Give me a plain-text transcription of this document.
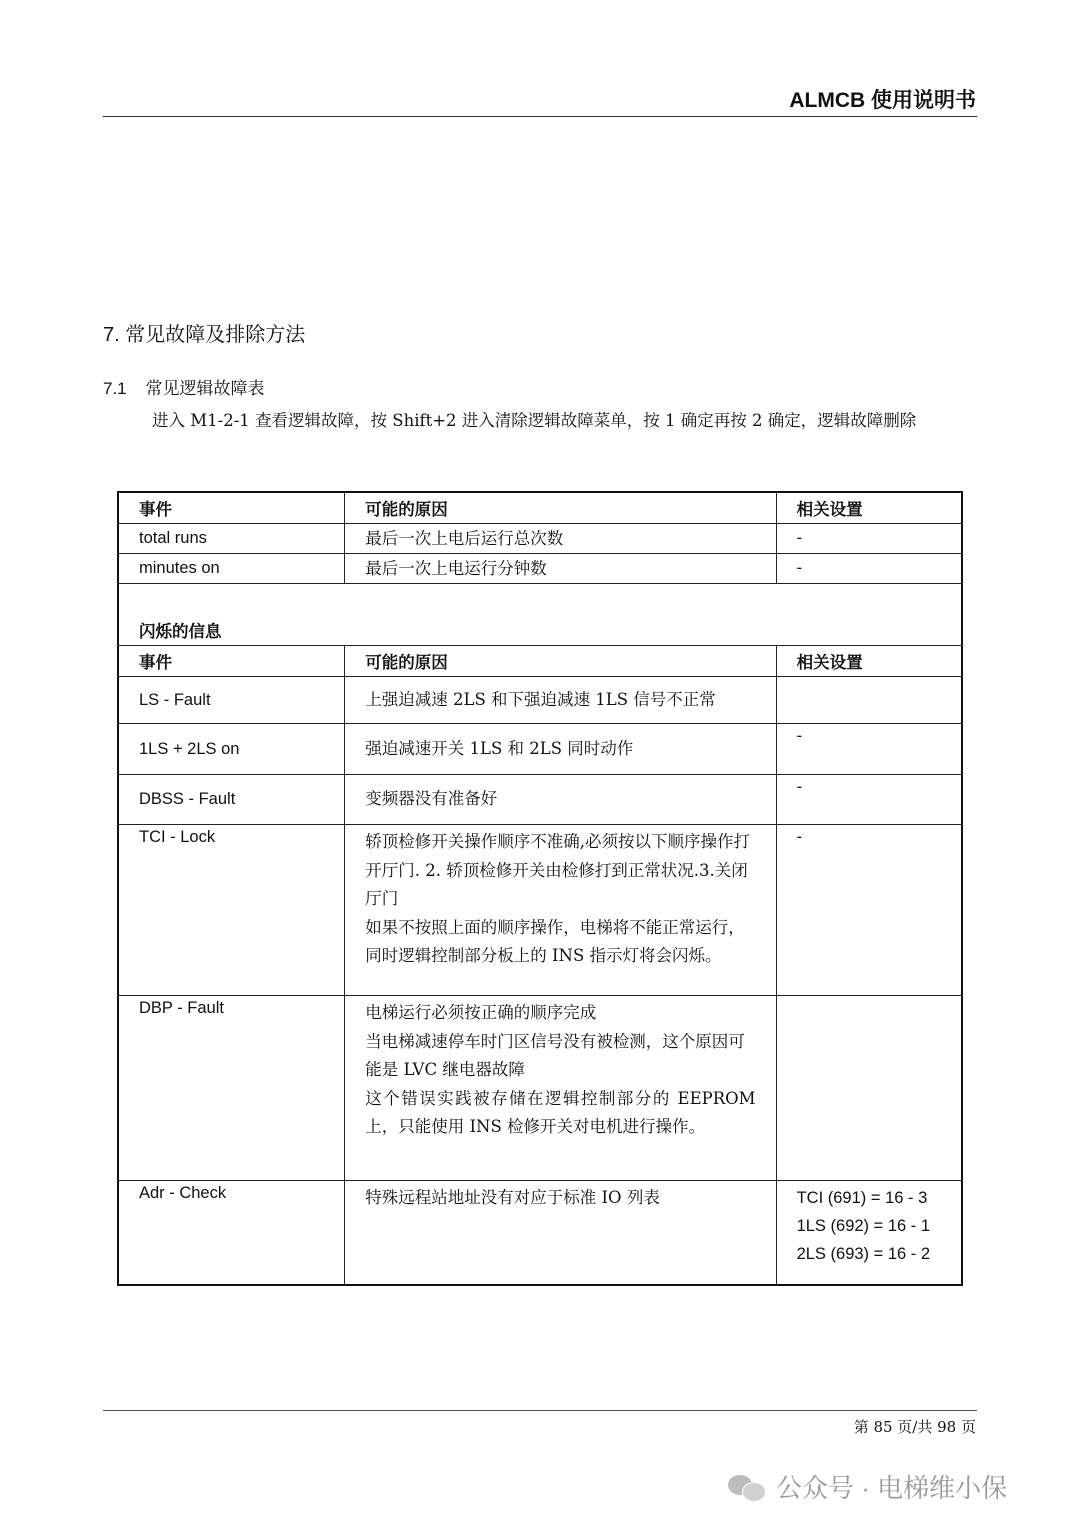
ALMCB 使用说明书
7. 常见故障及排除方法
7.1 常见逻辑故障表
进入 M1-2-1 查看逻辑故障，按 Shift+2 进入清除逻辑故障菜单，按 1 确定再按 2 确定，逻辑故障删除
事件	可能的原因	相关设置
total runs	最后一次上电后运行总次数	-
minutes on	最后一次上电运行分钟数	-

闪烁的信息		
事件	可能的原因	相关设置
LS - Fault	上强迫减速 2LS 和下强迫减速 1LS 信号不正常	
1LS + 2LS on	强迫减速开关 1LS 和 2LS 同时动作	-
DBSS - Fault	变频器没有准备好	-
TCI - Lock	轿顶检修开关操作顺序不准确,必须按以下顺序操作打开厅门. 2. 轿顶检修开关由检修打到正常状况.3.关闭厅门
如果不按照上面的顺序操作，电梯将不能正常运行，同时逻辑控制部分板上的 INS 指示灯将会闪烁。	-
DBP - Fault	电梯运行必须按正确的顺序完成
当电梯减速停车时门区信号没有被检测，这个原因可能是 LVC 继电器故障
这个错误实践被存储在逻辑控制部分的 EEPROM 上，只能使用 INS 检修开关对电机进行操作。	

Adr - Check	特殊远程站地址没有对应于标准 IO 列表	TCI (691) = 16 - 3
1LS (692) = 16 - 1
2LS (693) = 16 - 2
第 85 页/共 98 页
公众号 · 电梯维小保
